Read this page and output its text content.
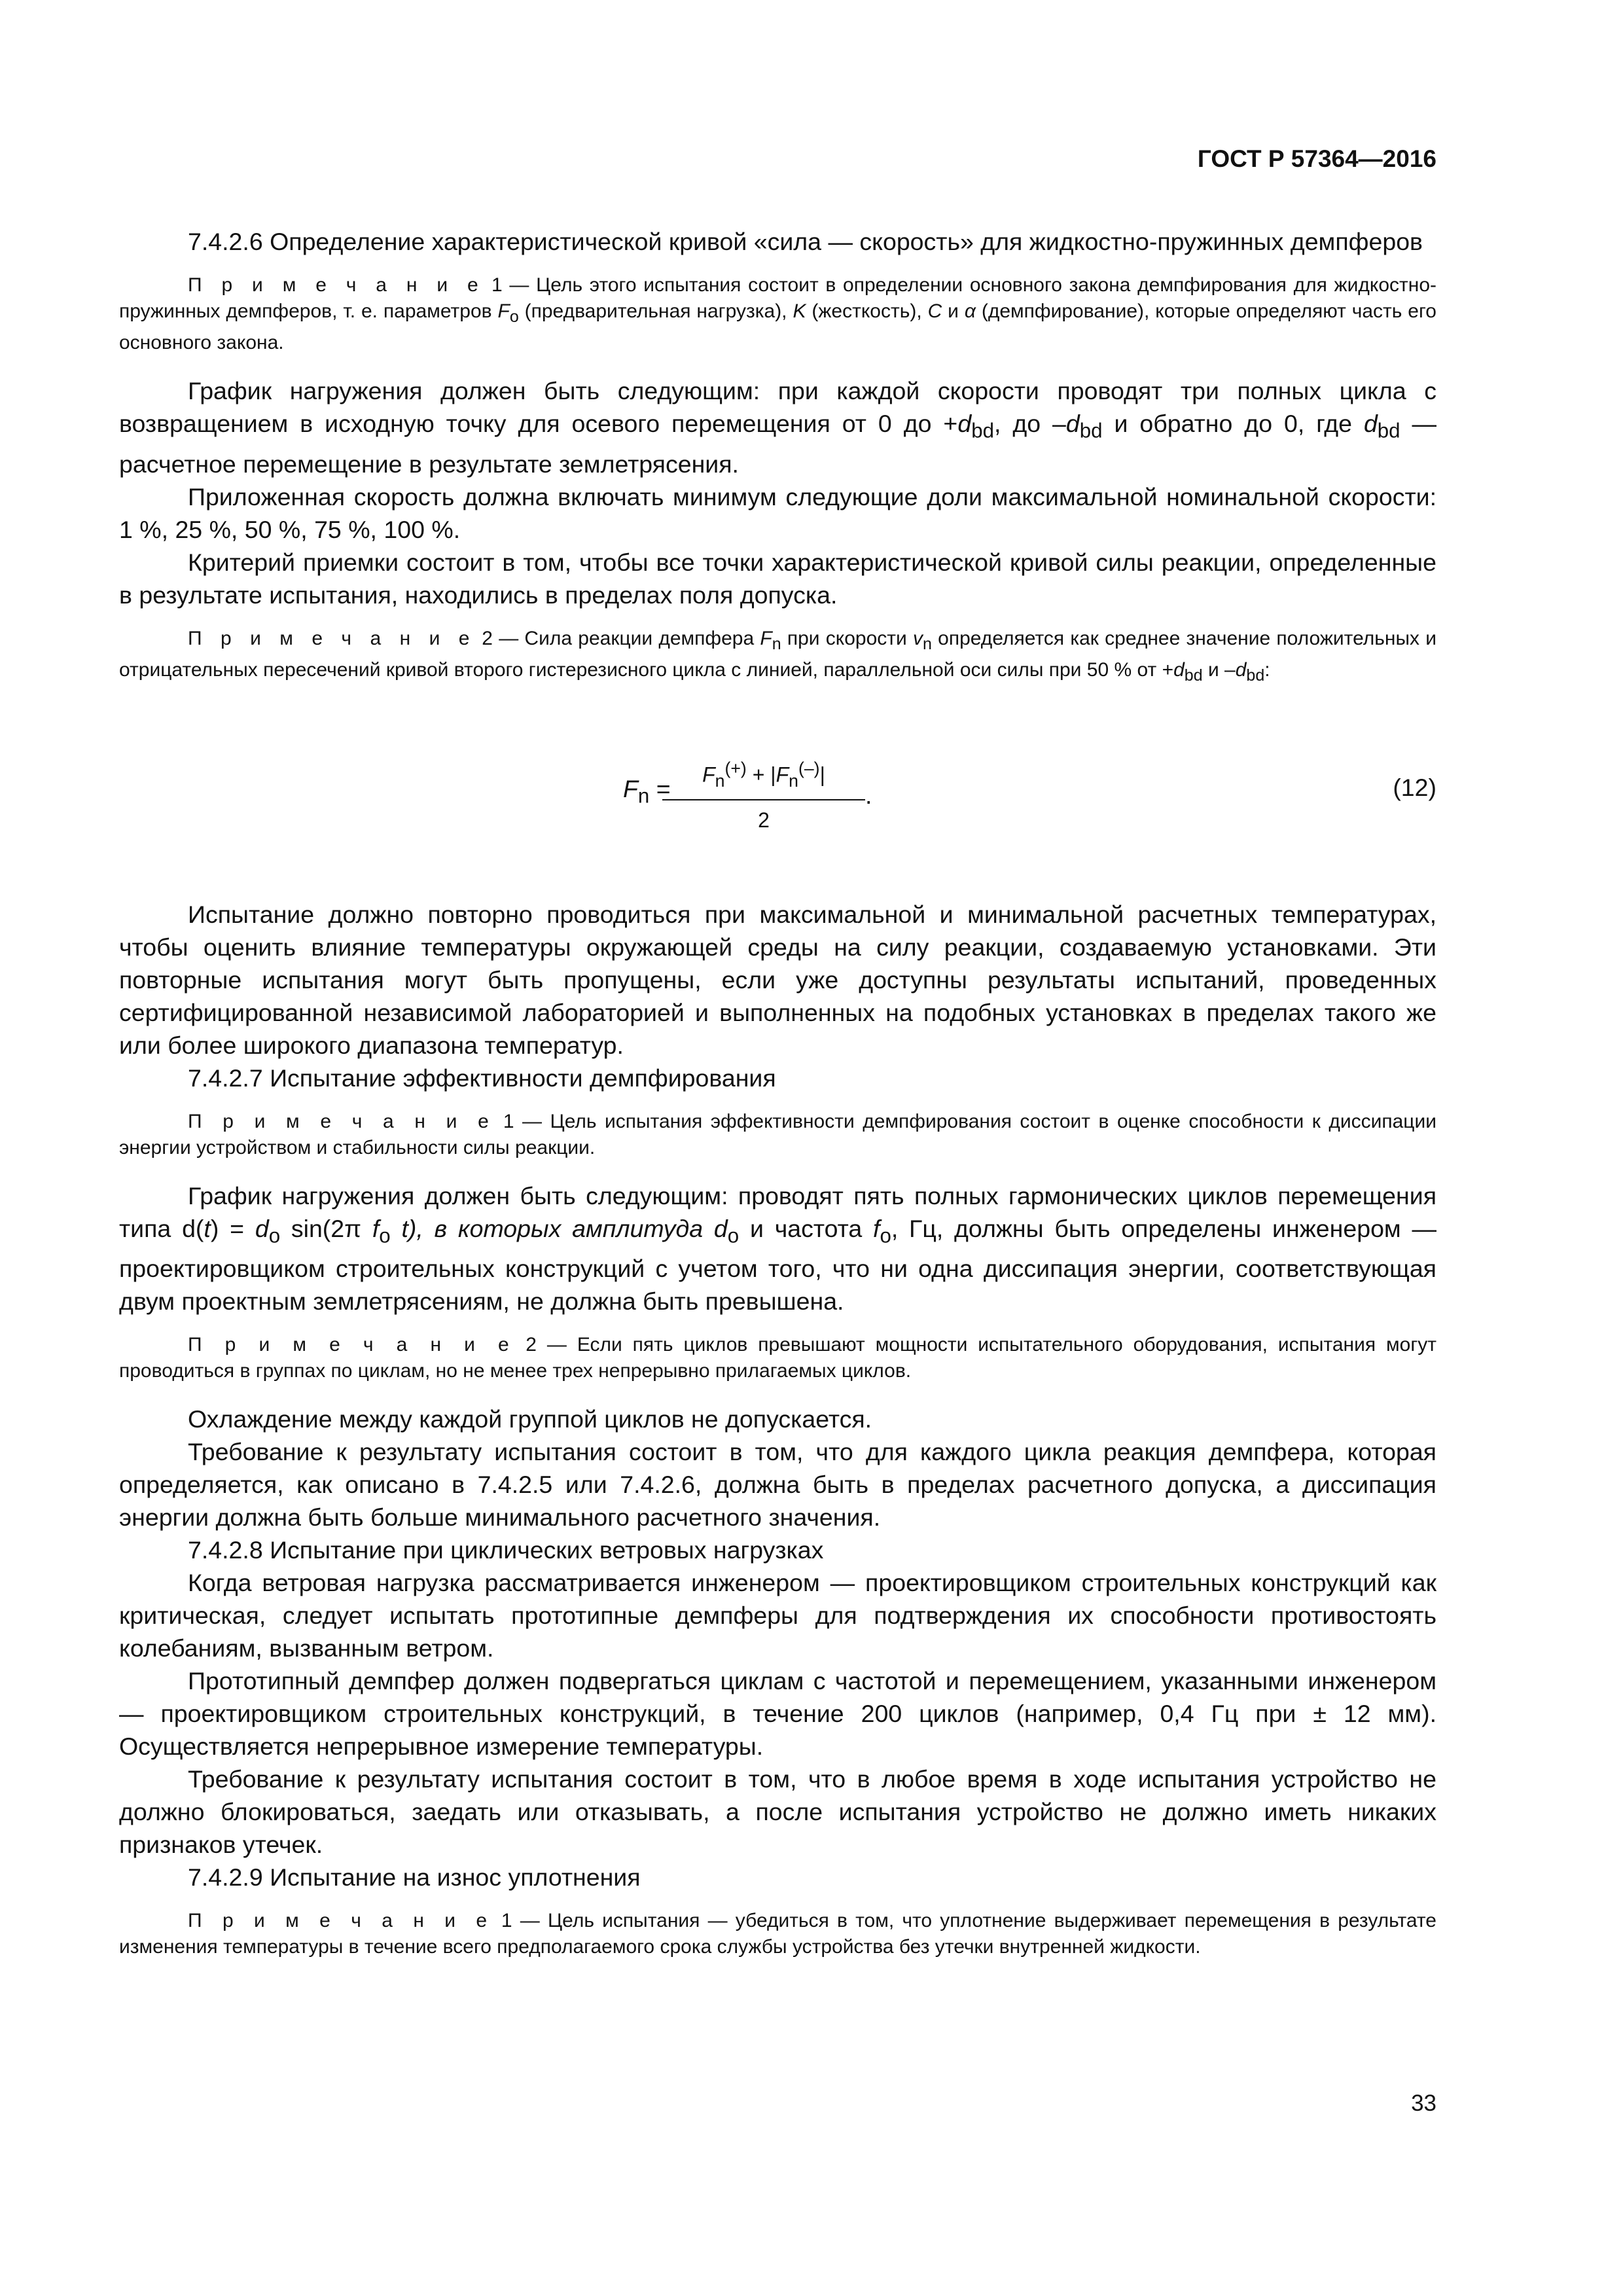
ГОСТ Р 57364—2016

7.4.2.6 Определение характеристической кривой «сила — скорость» для жидкостно-пружинных демпферов

П р и м е ч а н и е 1 — Цель этого испытания состоит в определении основного закона демпфирования для жидкостно-пружинных демпферов, т. е. параметров $F_o$ (предварительная нагрузка), K (жесткость), C и α (демпфирование), которые определяют часть его основного закона.

График нагружения должен быть следующим: при каждой скорости проводят три полных цикла с возвращением в исходную точку для осевого перемещения от 0 до $+d_{bd}$, до $-d_{bd}$ и обратно до 0, где $d_{bd}$ — расчетное перемещение в результате землетрясения.

Приложенная скорость должна включать минимум следующие доли максимальной номинальной скорости: 1 %, 25 %, 50 %, 75 %, 100 %.

Критерий приемки состоит в том, чтобы все точки характеристической кривой силы реакции, определенные в результате испытания, находились в пределах поля допуска.

П р и м е ч а н и е 2 — Сила реакции демпфера $F_n$ при скорости $v_n$ определяется как среднее значение положительных и отрицательных пересечений кривой второго гистерезисного цикла с линией, параллельной оси силы при 50 % от $+d_{bd}$ и $-d_{bd}$:

$F_n$ =
$F_n^{(+)} + |F_n^{(-)}|$
2
.	(12)

Испытание должно повторно проводиться при максимальной и минимальной расчетных температурах, чтобы оценить влияние температуры окружающей среды на силу реакции, создаваемую установками. Эти повторные испытания могут быть пропущены, если уже доступны результаты испытаний, проведенных сертифицированной независимой лабораторией и выполненных на подобных установках в пределах такого же или более широкого диапазона температур.

7.4.2.7 Испытание эффективности демпфирования

П р и м е ч а н и е 1 — Цель испытания эффективности демпфирования состоит в оценке способности к диссипации энергии устройством и стабильности силы реакции.

График нагружения должен быть следующим: проводят пять полных гармонических циклов перемещения типа $d(t) = d_o$ sin(2π $f_o$ t), в которых амплитуда $d_o$ и частота $f_o$, Гц, должны быть определены инженером — проектировщиком строительных конструкций с учетом того, что ни одна диссипация энергии, соответствующая двум проектным землетрясениям, не должна быть превышена.

П р и м е ч а н и е 2 — Если пять циклов превышают мощности испытательного оборудования, испытания могут проводиться в группах по циклам, но не менее трех непрерывно прилагаемых циклов.

Охлаждение между каждой группой циклов не допускается.

Требование к результату испытания состоит в том, что для каждого цикла реакция демпфера, которая определяется, как описано в 7.4.2.5 или 7.4.2.6, должна быть в пределах расчетного допуска, а диссипация энергии должна быть больше минимального расчетного значения.

7.4.2.8 Испытание при циклических ветровых нагрузках

Когда ветровая нагрузка рассматривается инженером — проектировщиком строительных конструкций как критическая, следует испытать прототипные демпферы для подтверждения их способности противостоять колебаниям, вызванным ветром.

Прототипный демпфер должен подвергаться циклам с частотой и перемещением, указанными инженером — проектировщиком строительных конструкций, в течение 200 циклов (например, 0,4 Гц при ± 12 мм). Осуществляется непрерывное измерение температуры.

Требование к результату испытания состоит в том, что в любое время в ходе испытания устройство не должно блокироваться, заедать или отказывать, а после испытания устройство не должно иметь никаких признаков утечек.

7.4.2.9 Испытание на износ уплотнения

П р и м е ч а н и е 1 — Цель испытания — убедиться в том, что уплотнение выдерживает перемещения в результате изменения температуры в течение всего предполагаемого срока службы устройства без утечки внутренней жидкости.

33
